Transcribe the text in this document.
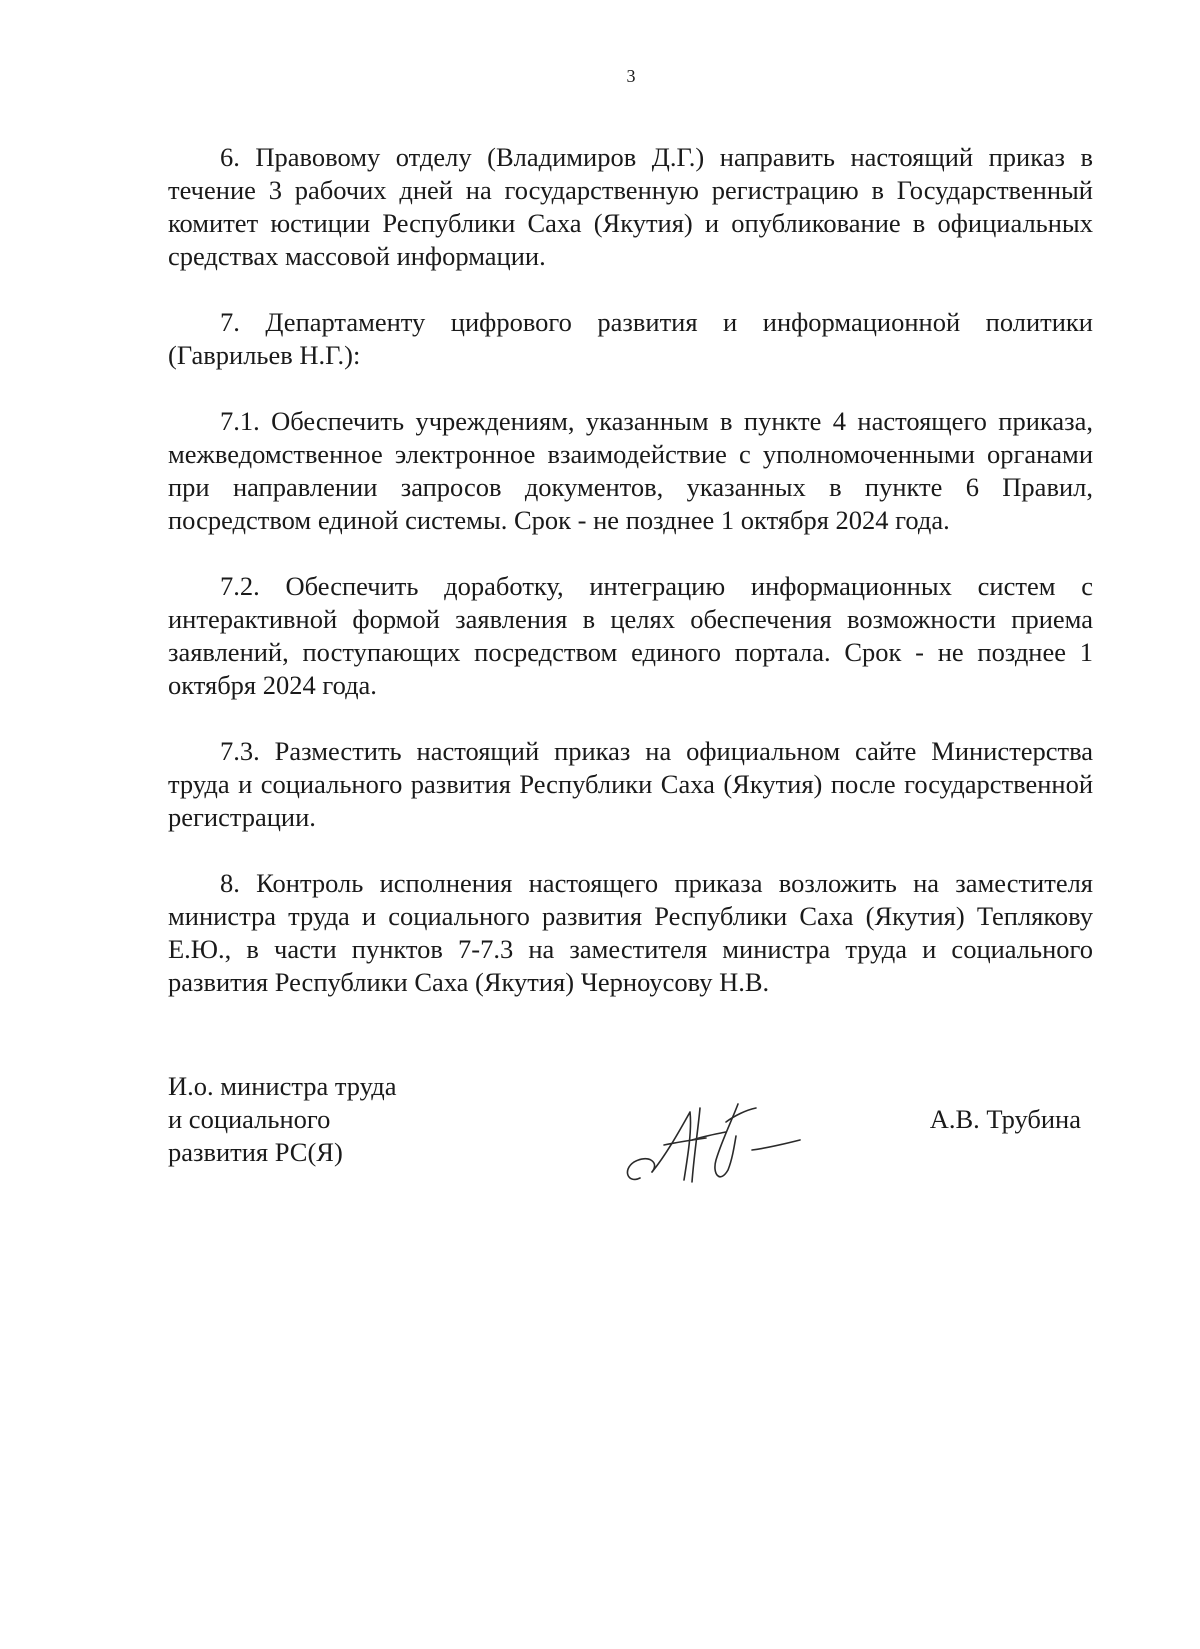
3

6. Правовому отделу (Владимиров Д.Г.) направить настоящий приказ в течение 3 рабочих дней на государственную регистрацию в Государственный комитет юстиции Республики Саха (Якутия) и опубликование в официальных средствах массовой информации.

7. Департаменту цифрового развития и информационной политики (Гаврильев Н.Г.):

7.1. Обеспечить учреждениям, указанным в пункте 4 настоящего приказа, межведомственное электронное взаимодействие с уполномоченными органами при направлении запросов документов, указанных в пункте 6 Правил, посредством единой системы. Срок - не позднее 1 октября 2024 года.

7.2. Обеспечить доработку, интеграцию информационных систем с интерактивной формой заявления в целях обеспечения возможности приема заявлений, поступающих посредством единого портала. Срок - не позднее 1 октября 2024 года.

7.3. Разместить настоящий приказ на официальном сайте Министерства труда и социального развития Республики Саха (Якутия) после государственной регистрации.

8. Контроль исполнения настоящего приказа возложить на заместителя министра труда и социального развития Республики Саха (Якутия) Теплякову Е.Ю., в части пунктов 7-7.3 на заместителя министра труда и социального развития Республики Саха (Якутия) Черноусову Н.В.

И.о. министра труда
и социального
развития РС(Я)
А.В. Трубина
